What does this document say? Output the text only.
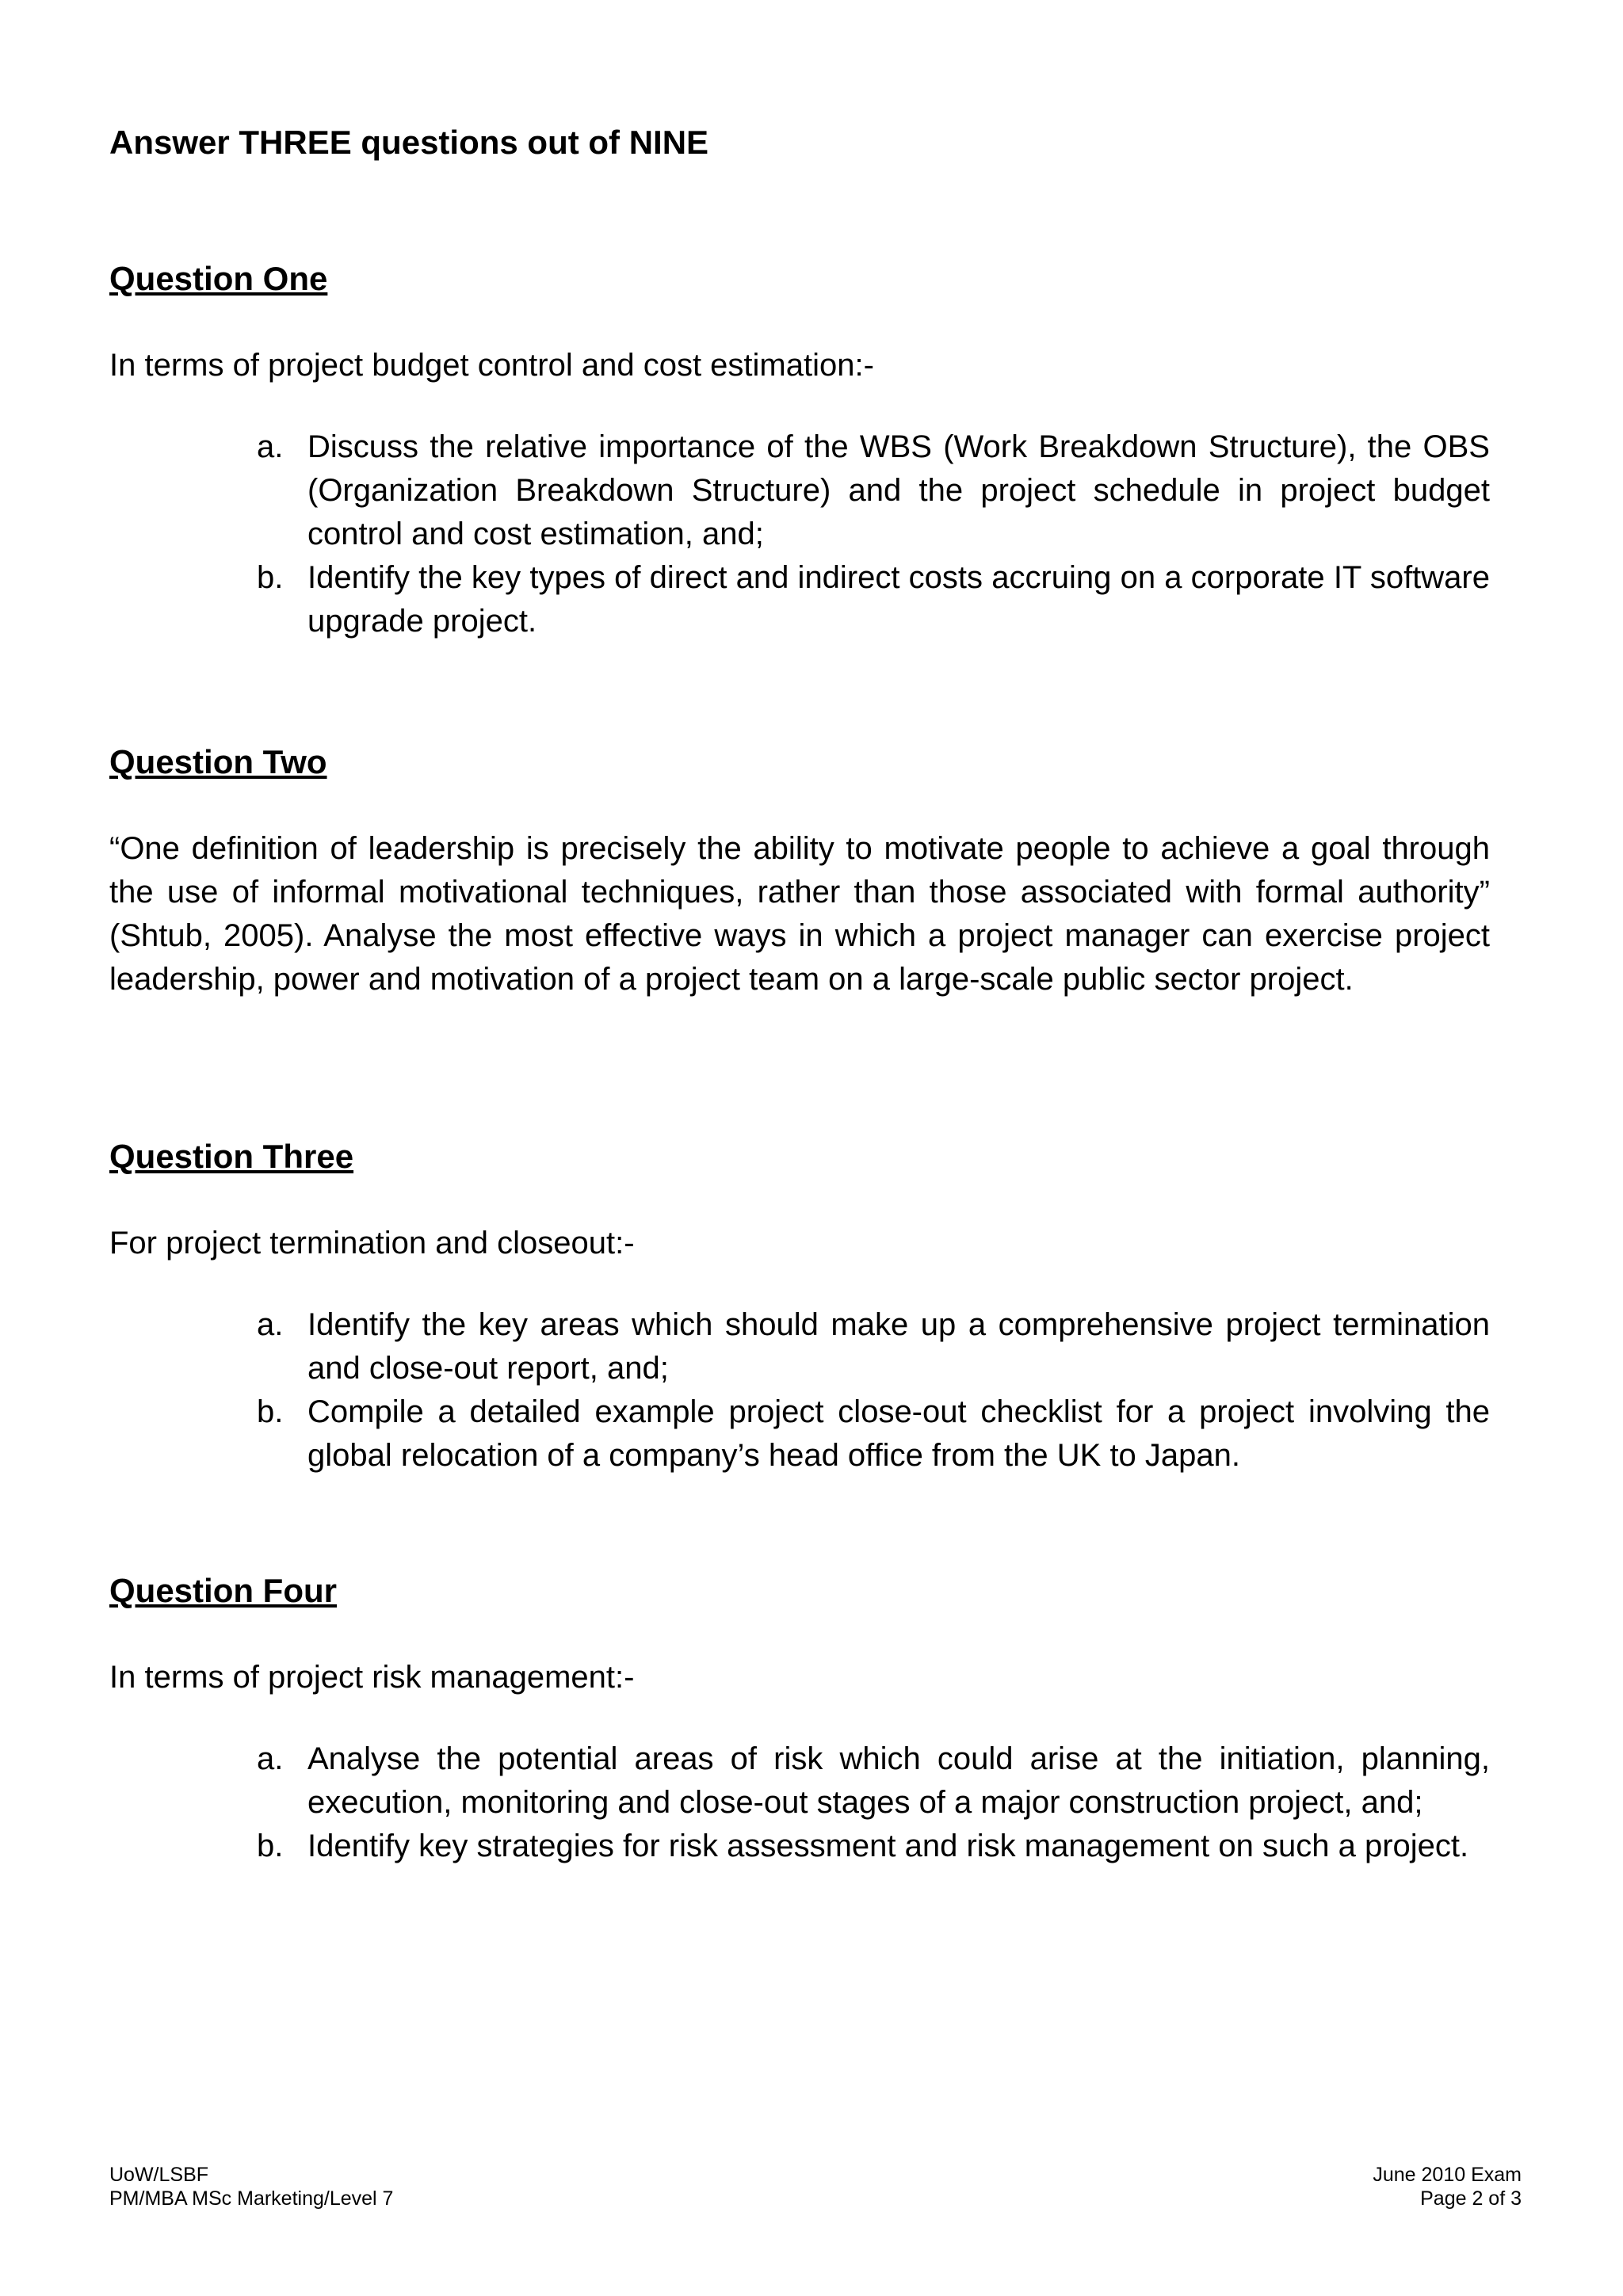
Answer THREE questions out of NINE

Question One

In terms of project budget control and cost estimation:-

a. Discuss the relative importance of the WBS (Work Breakdown Structure), the OBS (Organization Breakdown Structure) and the project schedule in project budget control and cost estimation, and;
b. Identify the key types of direct and indirect costs accruing on a corporate IT software upgrade project.
Question Two

“One definition of leadership is precisely the ability to motivate people to achieve a goal through the use of informal motivational techniques, rather than those associated with formal authority” (Shtub, 2005). Analyse the most effective ways in which a project manager can exercise project leadership, power and motivation of a project team on a large-scale public sector project.

Question Three

For project termination and closeout:-

a. Identify the key areas which should make up a comprehensive project termination and close-out report, and;
b. Compile a detailed example project close-out checklist for a project involving the global relocation of a company’s head office from the UK to Japan.
Question Four

In terms of project risk management:-

a. Analyse the potential areas of risk which could arise at the initiation, planning, execution, monitoring and close-out stages of a major construction project, and;
b. Identify key strategies for risk assessment and risk management on such a project.
UoW/LSBF
PM/MBA MSc Marketing/Level 7
June 2010 Exam
Page 2 of 3
